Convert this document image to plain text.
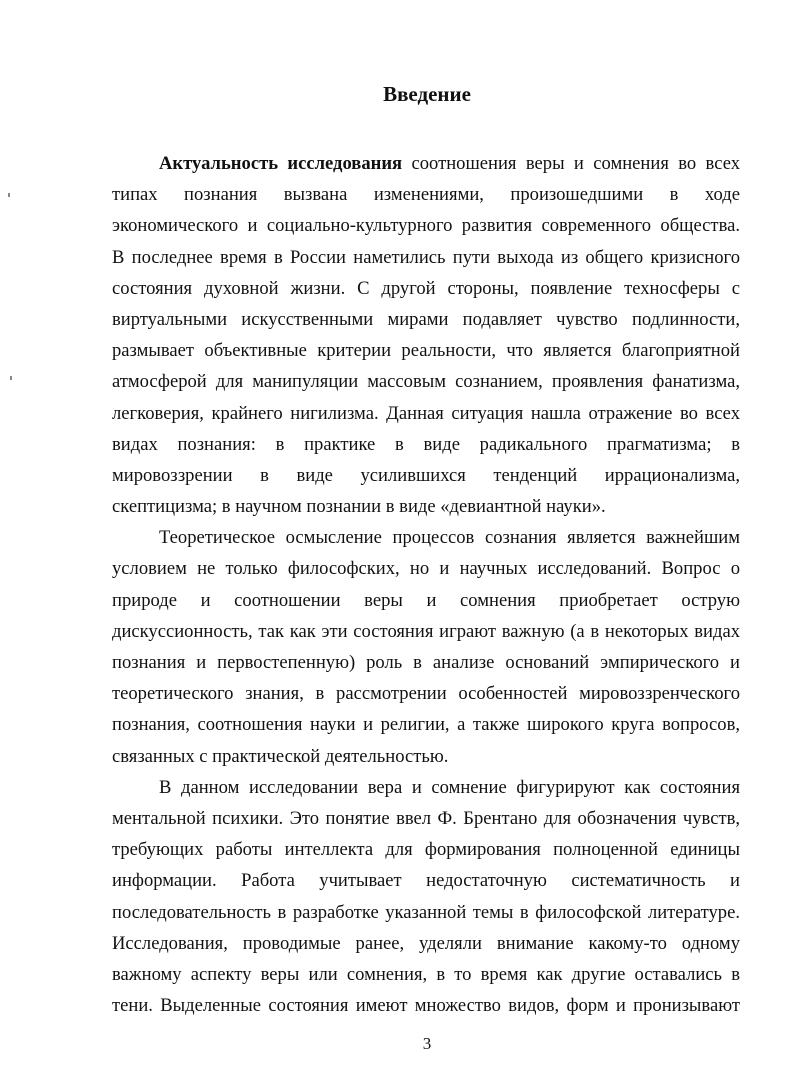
Введение
Актуальность исследования соотношения веры и сомнения во всех
типах познания вызвана изменениями, произошедшими в ходе
экономического и социально-культурного развития современного общества.
В последнее время в России наметились пути выхода из общего кризисного
состояния духовной жизни. С другой стороны, появление техносферы с
виртуальными искусственными мирами подавляет чувство подлинности,
размывает объективные критерии реальности, что является благоприятной
атмосферой для манипуляции массовым сознанием, проявления фанатизма,
легковерия, крайнего нигилизма. Данная ситуация нашла отражение во всех
видах познания: в практике в виде радикального прагматизма; в
мировоззрении в виде усилившихся тенденций иррационализма,
скептицизма; в научном познании в виде «девиантной науки».
Теоретическое осмысление процессов сознания является важнейшим
условием не только философских, но и научных исследований. Вопрос о
природе и соотношении веры и сомнения приобретает острую
дискуссионность, так как эти состояния играют важную (а в некоторых видах
познания и первостепенную) роль в анализе оснований эмпирического и
теоретического знания, в рассмотрении особенностей мировоззренческого
познания, соотношения науки и религии, а также широкого круга вопросов,
связанных с практической деятельностью.
В данном исследовании вера и сомнение фигурируют как состояния
ментальной психики. Это понятие ввел Ф. Брентано для обозначения чувств,
требующих работы интеллекта для формирования полноценной единицы
информации. Работа учитывает недостаточную систематичность и
последовательность в разработке указанной темы в философской литературе.
Исследования, проводимые ранее, уделяли внимание какому-то одному
важному аспекту веры или сомнения, в то время как другие оставались в
тени. Выделенные состояния имеют множество видов, форм и пронизывают
3
